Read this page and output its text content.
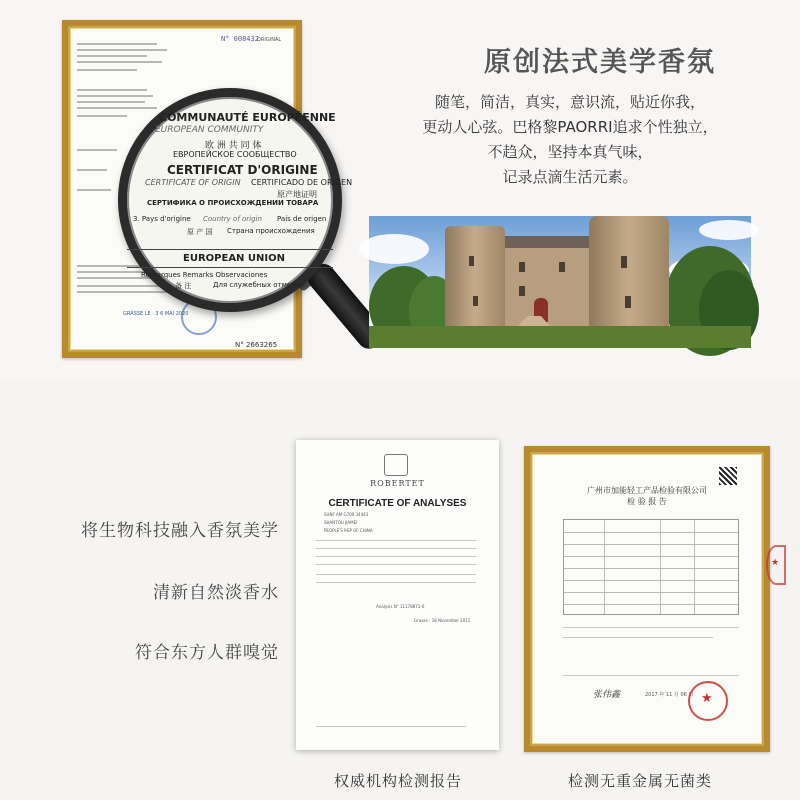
N° 008432
ORIGINAL
GRASSE LE · 3 6 MAI 2020
N° 2663265
COMMUNAUTÉ EUROPÉENNE
EUROPEAN COMMUNITY
欧 洲 共 同 体
ЕВРОПЕЙСКОЕ СООБЩЕСТВО
CERTIFICAT D'ORIGINE
CERTIFICATE OF ORIGIN CERTIFICADO DE ORIGEN
原产地证明
СЕРТИФИКА О ПРОИСХОЖДЕНИИ ТОВАРА
3. Pays d'origine Country of origin País de origen
原 产 国 Страна происхождения
EUROPEAN UNION
Remarques Remarks Observaciones
备 注	Для служебных отметок
原创法式美学香氛
随笔，简洁，真实，意识流，贴近你我，
更动人心弦。巴格黎PAORRI追求个性独立，
不趋众，坚持本真气味，
记录点滴生活元素。
将生物科技融入香氛美学
清新自然淡香水
符合东方人群嗅觉
ROBERTET
CERTIFICATE OF ANALYSES
SUNF AM G709 34443
SHANTOU JIAMEI
PEOPLE'S REP OF CHINA
Analysis N° 11178871-0
Grasse : 18 November 2011
广州市加能轻工产品检验有限公司
检 验 报 告
张伟鑫	2017 年 11 月 06 日 ★
★
权威机构检测报告	检测无重金属无菌类
